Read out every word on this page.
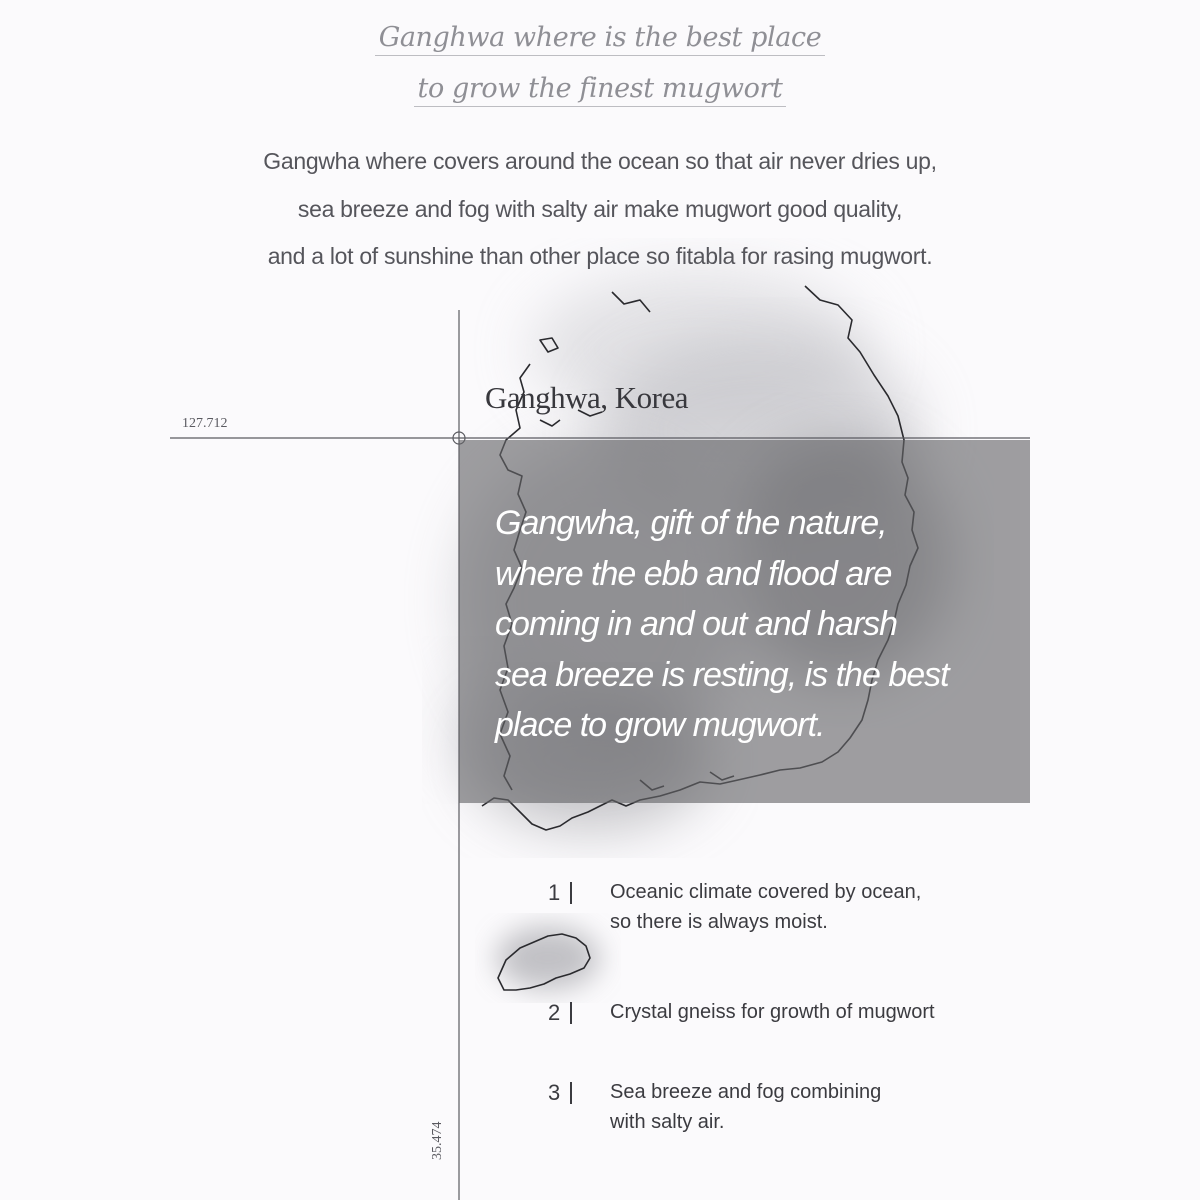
Ganghwa where is the best place
to grow the finest mugwort
Gangwha where covers around the ocean so that air never dries up,
sea breeze and fog with salty air make mugwort good quality,
and a lot of sunshine than other place so fitabla for rasing mugwort.
127.712
35.474
Ganghwa, Korea

Gangwha, gift of the nature,
where the ebb and flood are
coming in and out and harsh
sea breeze is resting, is the best
place to grow mugwort.

1 Oceanic climate covered by ocean,
so there is always moist.
2 Crystal gneiss for growth of mugwort
3 Sea breeze and fog combining
with salty air.
